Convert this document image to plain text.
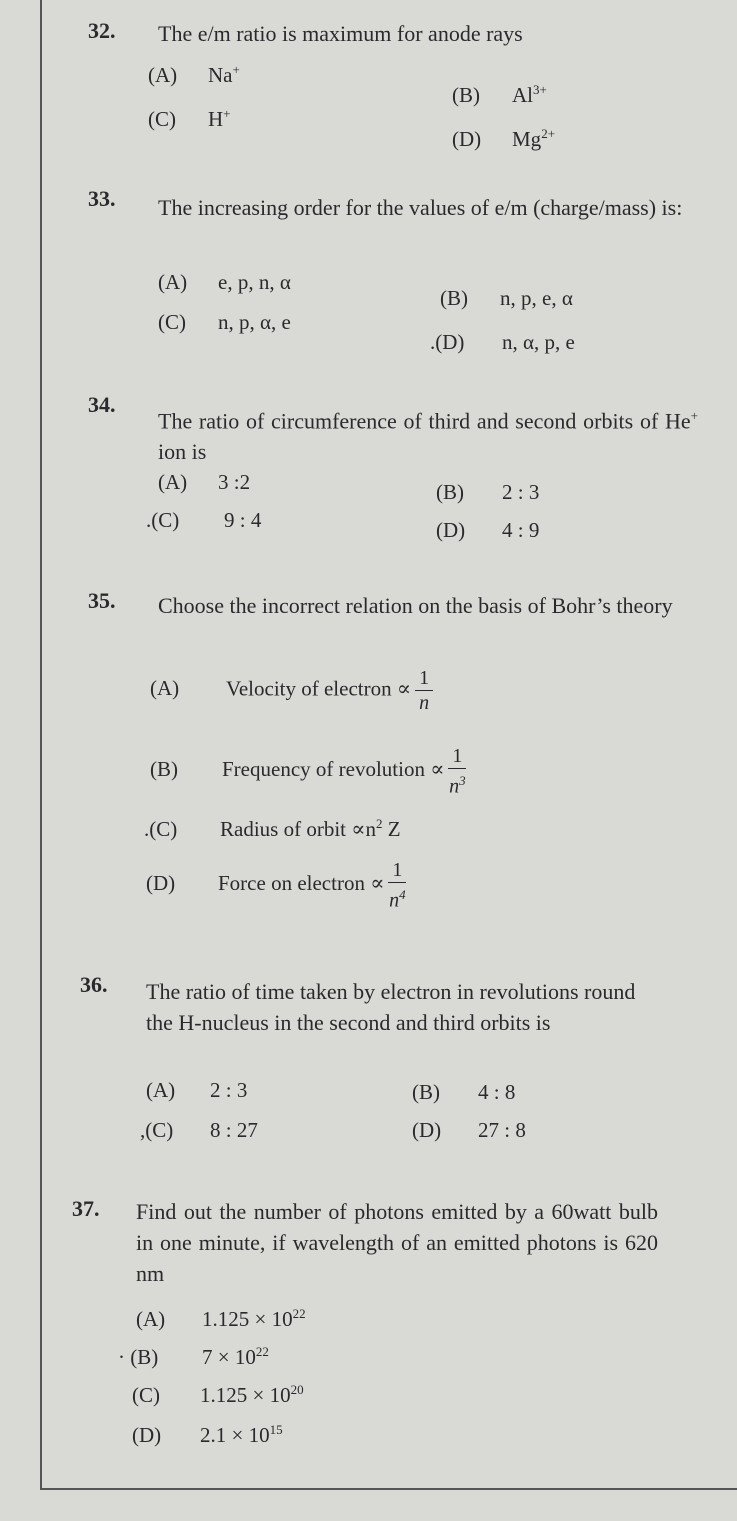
32. The e/m ratio is maximum for anode rays
(A) Na+
(B) $Al^{3+}$
(C) H+
(D) $Mg^{2+}$
33. The increasing order for the values of e/m (charge/mass) is:
(A) e, p, n, α
(B) n, p, e, α
(C) n, p, α, e
.(D) n, α, p, e
34.
The ratio of circumference of third and second orbits of He+ ion is
(A) 3 :2	(B) 2 : 3
.(C) 9 : 4	(D) 4 : 9
35. Choose the incorrect relation on the basis of Bohr’s theory
(A) Velocity of electron ∝ $\frac{1}{n}$
(B) Frequency of revolution ∝ $\frac{1}{n^3}$
.(C) Radius of orbit $\propto n^2$ Z
(D) Force on electron ∝ $\frac{1}{n^4}$
36. The ratio of time taken by electron in revolutions round the H-nucleus in the second and third orbits is
(A) 2 : 3	(B) 4 : 8
,(C) 8 : 27	(D) 27 : 8
37. Find out the number of photons emitted by a 60watt bulb in one minute, if wavelength of an emitted photons is 620 nm
(A) $1.125 \times 10^{22}$
· (B) $7 \times 10^{22}$
(C) $1.125 \times 10^{20}$
(D) $2.1 \times 10^{15}$
